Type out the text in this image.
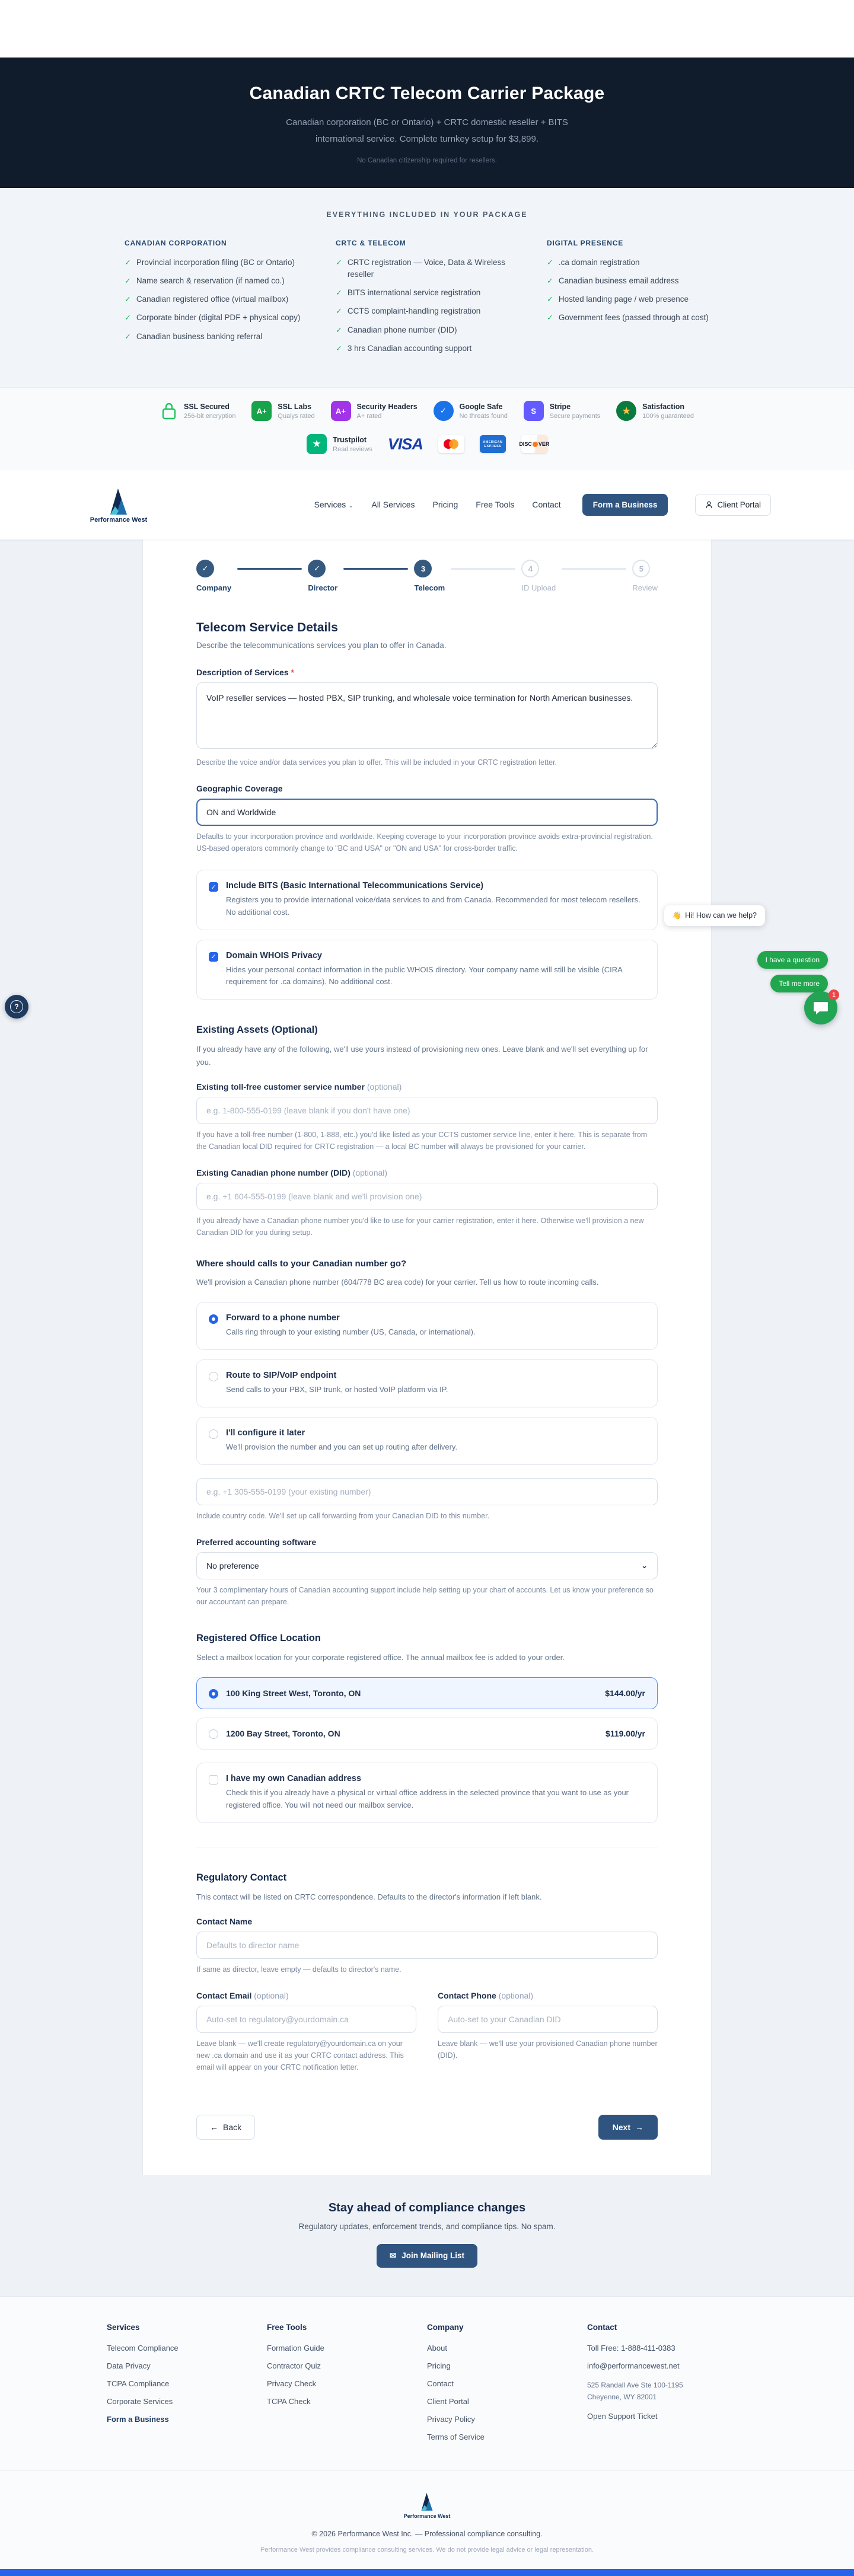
Canadian CRTC Telecom Carrier Package
Canadian corporation (BC or Ontario) + CRTC domestic reseller + BITS international service. Complete turnkey setup for $3,899.
No Canadian citizenship required for resellers.
EVERYTHING INCLUDED IN YOUR PACKAGE
CANADIAN CORPORATION
✓ Provincial incorporation filing (BC or Ontario)
✓ Name search & reservation (if named co.)
✓ Canadian registered office (virtual mailbox)
✓ Corporate binder (digital PDF + physical copy)
✓ Canadian business banking referral
CRTC & TELECOM
✓ CRTC registration — Voice, Data & Wireless reseller
✓ BITS international service registration
✓ CCTS complaint-handling registration
✓ Canadian phone number (DID)
✓ 3 hrs Canadian accounting support
DIGITAL PRESENCE
✓ .ca domain registration
✓ Canadian business email address
✓ Hosted landing page / web presence
✓ Government fees (passed through at cost)
SSL Secured
256-bit encryption
A+	SSL Labs
Qualys rated
A+	Security Headers
A+ rated
✓	Google Safe
No threats found
S	Stripe
Secure payments	★	Satisfaction
100% guaranteed
★	Trustpilot
Read reviews VISA	AMERICAN
EXPRESS	DISC VER
Performance West
Services ⌄ All Services Pricing Free Tools Contact	Form a Business	Client Portal
✓
Company
✓
Director
3
Telecom
4
ID Upload
5
Review
Telecom Service Details
Describe the telecommunications services you plan to offer in Canada.
Description of Services *
VoIP reseller services — hosted PBX, SIP trunking, and wholesale voice termination for North American businesses.
Describe the voice and/or data services you plan to offer. This will be included in your CRTC registration letter.
Geographic Coverage
ON and Worldwide
Defaults to your incorporation province and worldwide. Keeping coverage to your incorporation province avoids extra-provincial registration. US-based operators commonly change to "BC and USA" or "ON and USA" for cross-border traffic.
✓ Include BITS (Basic International Telecommunications Service)
Registers you to provide international voice/data services to and from Canada. Recommended for most telecom resellers. No additional cost.
✓ Domain WHOIS Privacy
Hides your personal contact information in the public WHOIS directory. Your company name will still be visible (CIRA requirement for .ca domains). No additional cost.
Existing Assets (Optional)
If you already have any of the following, we'll use yours instead of provisioning new ones. Leave blank and we'll set everything up for you.
Existing toll-free customer service number (optional)
e.g. 1-800-555-0199 (leave blank if you don't have one)
If you have a toll-free number (1-800, 1-888, etc.) you'd like listed as your CCTS customer service line, enter it here. This is separate from the Canadian local DID required for CRTC registration — a local BC number will always be provisioned for your carrier.
Existing Canadian phone number (DID) (optional)
e.g. +1 604-555-0199 (leave blank and we'll provision one)
If you already have a Canadian phone number you'd like to use for your carrier registration, enter it here. Otherwise we'll provision a new Canadian DID for you during setup.
Where should calls to your Canadian number go?
We'll provision a Canadian phone number (604/778 BC area code) for your carrier. Tell us how to route incoming calls.
Forward to a phone number
Calls ring through to your existing number (US, Canada, or international).
Route to SIP/VoIP endpoint
Send calls to your PBX, SIP trunk, or hosted VoIP platform via IP.
I'll configure it later
We'll provision the number and you can set up routing after delivery.
e.g. +1 305-555-0199 (your existing number)
Include country code. We'll set up call forwarding from your Canadian DID to this number.
Preferred accounting software
No preference	⌄
Your 3 complimentary hours of Canadian accounting support include help setting up your chart of accounts. Let us know your preference so our accountant can prepare.
Registered Office Location
Select a mailbox location for your corporate registered office. The annual mailbox fee is added to your order.
100 King Street West, Toronto, ON	$144.00/yr
1200 Bay Street, Toronto, ON	$119.00/yr
I have my own Canadian address
Check this if you already have a physical or virtual office address in the selected province that you want to use as your registered office. You will not need our mailbox service.
Regulatory Contact
This contact will be listed on CRTC correspondence. Defaults to the director's information if left blank.
Contact Name
Defaults to director name
If same as director, leave empty — defaults to director's name.
Contact Email (optional)
Auto-set to regulatory@yourdomain.ca
Leave blank — we'll create regulatory@yourdomain.ca on your new .ca domain and use it as your CRTC contact address. This email will appear on your CRTC notification letter.
Contact Phone (optional)
Auto-set to your Canadian DID
Leave blank — we'll use your provisioned Canadian phone number (DID).
← Back	Next →
Stay ahead of compliance changes

Regulatory updates, enforcement trends, and compliance tips. No spam.

✉ Join Mailing List
Services
Telecom Compliance
Data Privacy
TCPA Compliance
Corporate Services
Form a Business
Free Tools
Formation Guide
Contractor Quiz
Privacy Check
TCPA Check
Company
About
Pricing
Contact
Client Portal
Privacy Policy
Terms of Service
Contact
Toll Free: 1-888-411-0383
info@performancewest.net
525 Randall Ave Ste 100-1195
Cheyenne, WY 82001
Open Support Ticket
Performance West
© 2026 Performance West Inc. — Professional compliance consulting.
Performance West provides compliance consulting services. We do not provide legal advice or legal representation.
👋 Hi! How can we help?
I have a question
Tell me more
1
?
